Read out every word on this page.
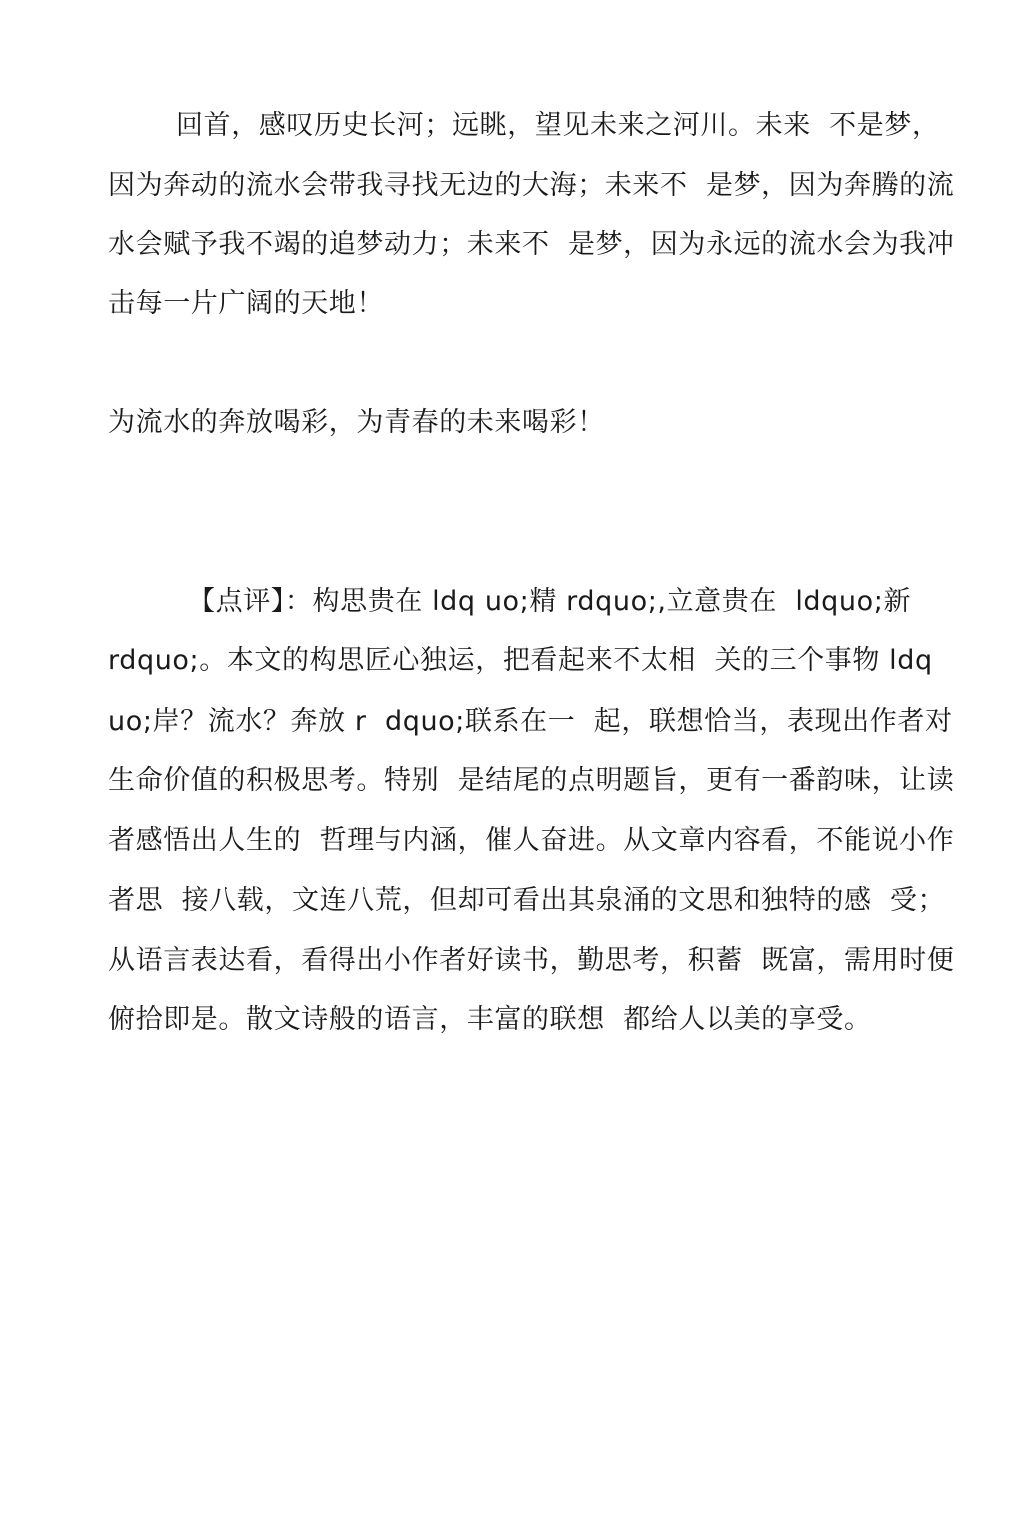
回首，感叹历史长河；远眺，望见未来之河川。未来  不是梦，
因为奔动的流水会带我寻找无边的大海；未来不  是梦，因为奔腾的流
水会赋予我不竭的追梦动力；未来不  是梦，因为永远的流水会为我冲
击每一片广阔的天地！
为流水的奔放喝彩，为青春的未来喝彩！
【点评】：构思贵在 ldq uo;精 rdquo;,立意贵在  ldquo;新
rdquo;。本文的构思匠心独运，把看起来不太相  关的三个事物 ldq
uo;岸？流水？奔放 r  dquo;联系在一  起，联想恰当，表现出作者对
生命价值的积极思考。特别  是结尾的点明题旨，更有一番韵味，让读
者感悟出人生的  哲理与内涵，催人奋进。从文章内容看，不能说小作
者思  接八载，文连八荒，但却可看出其泉涌的文思和独特的感  受；
从语言表达看，看得出小作者好读书，勤思考，积蓄  既富，需用时便
俯拾即是。散文诗般的语言，丰富的联想  都给人以美的享受。
